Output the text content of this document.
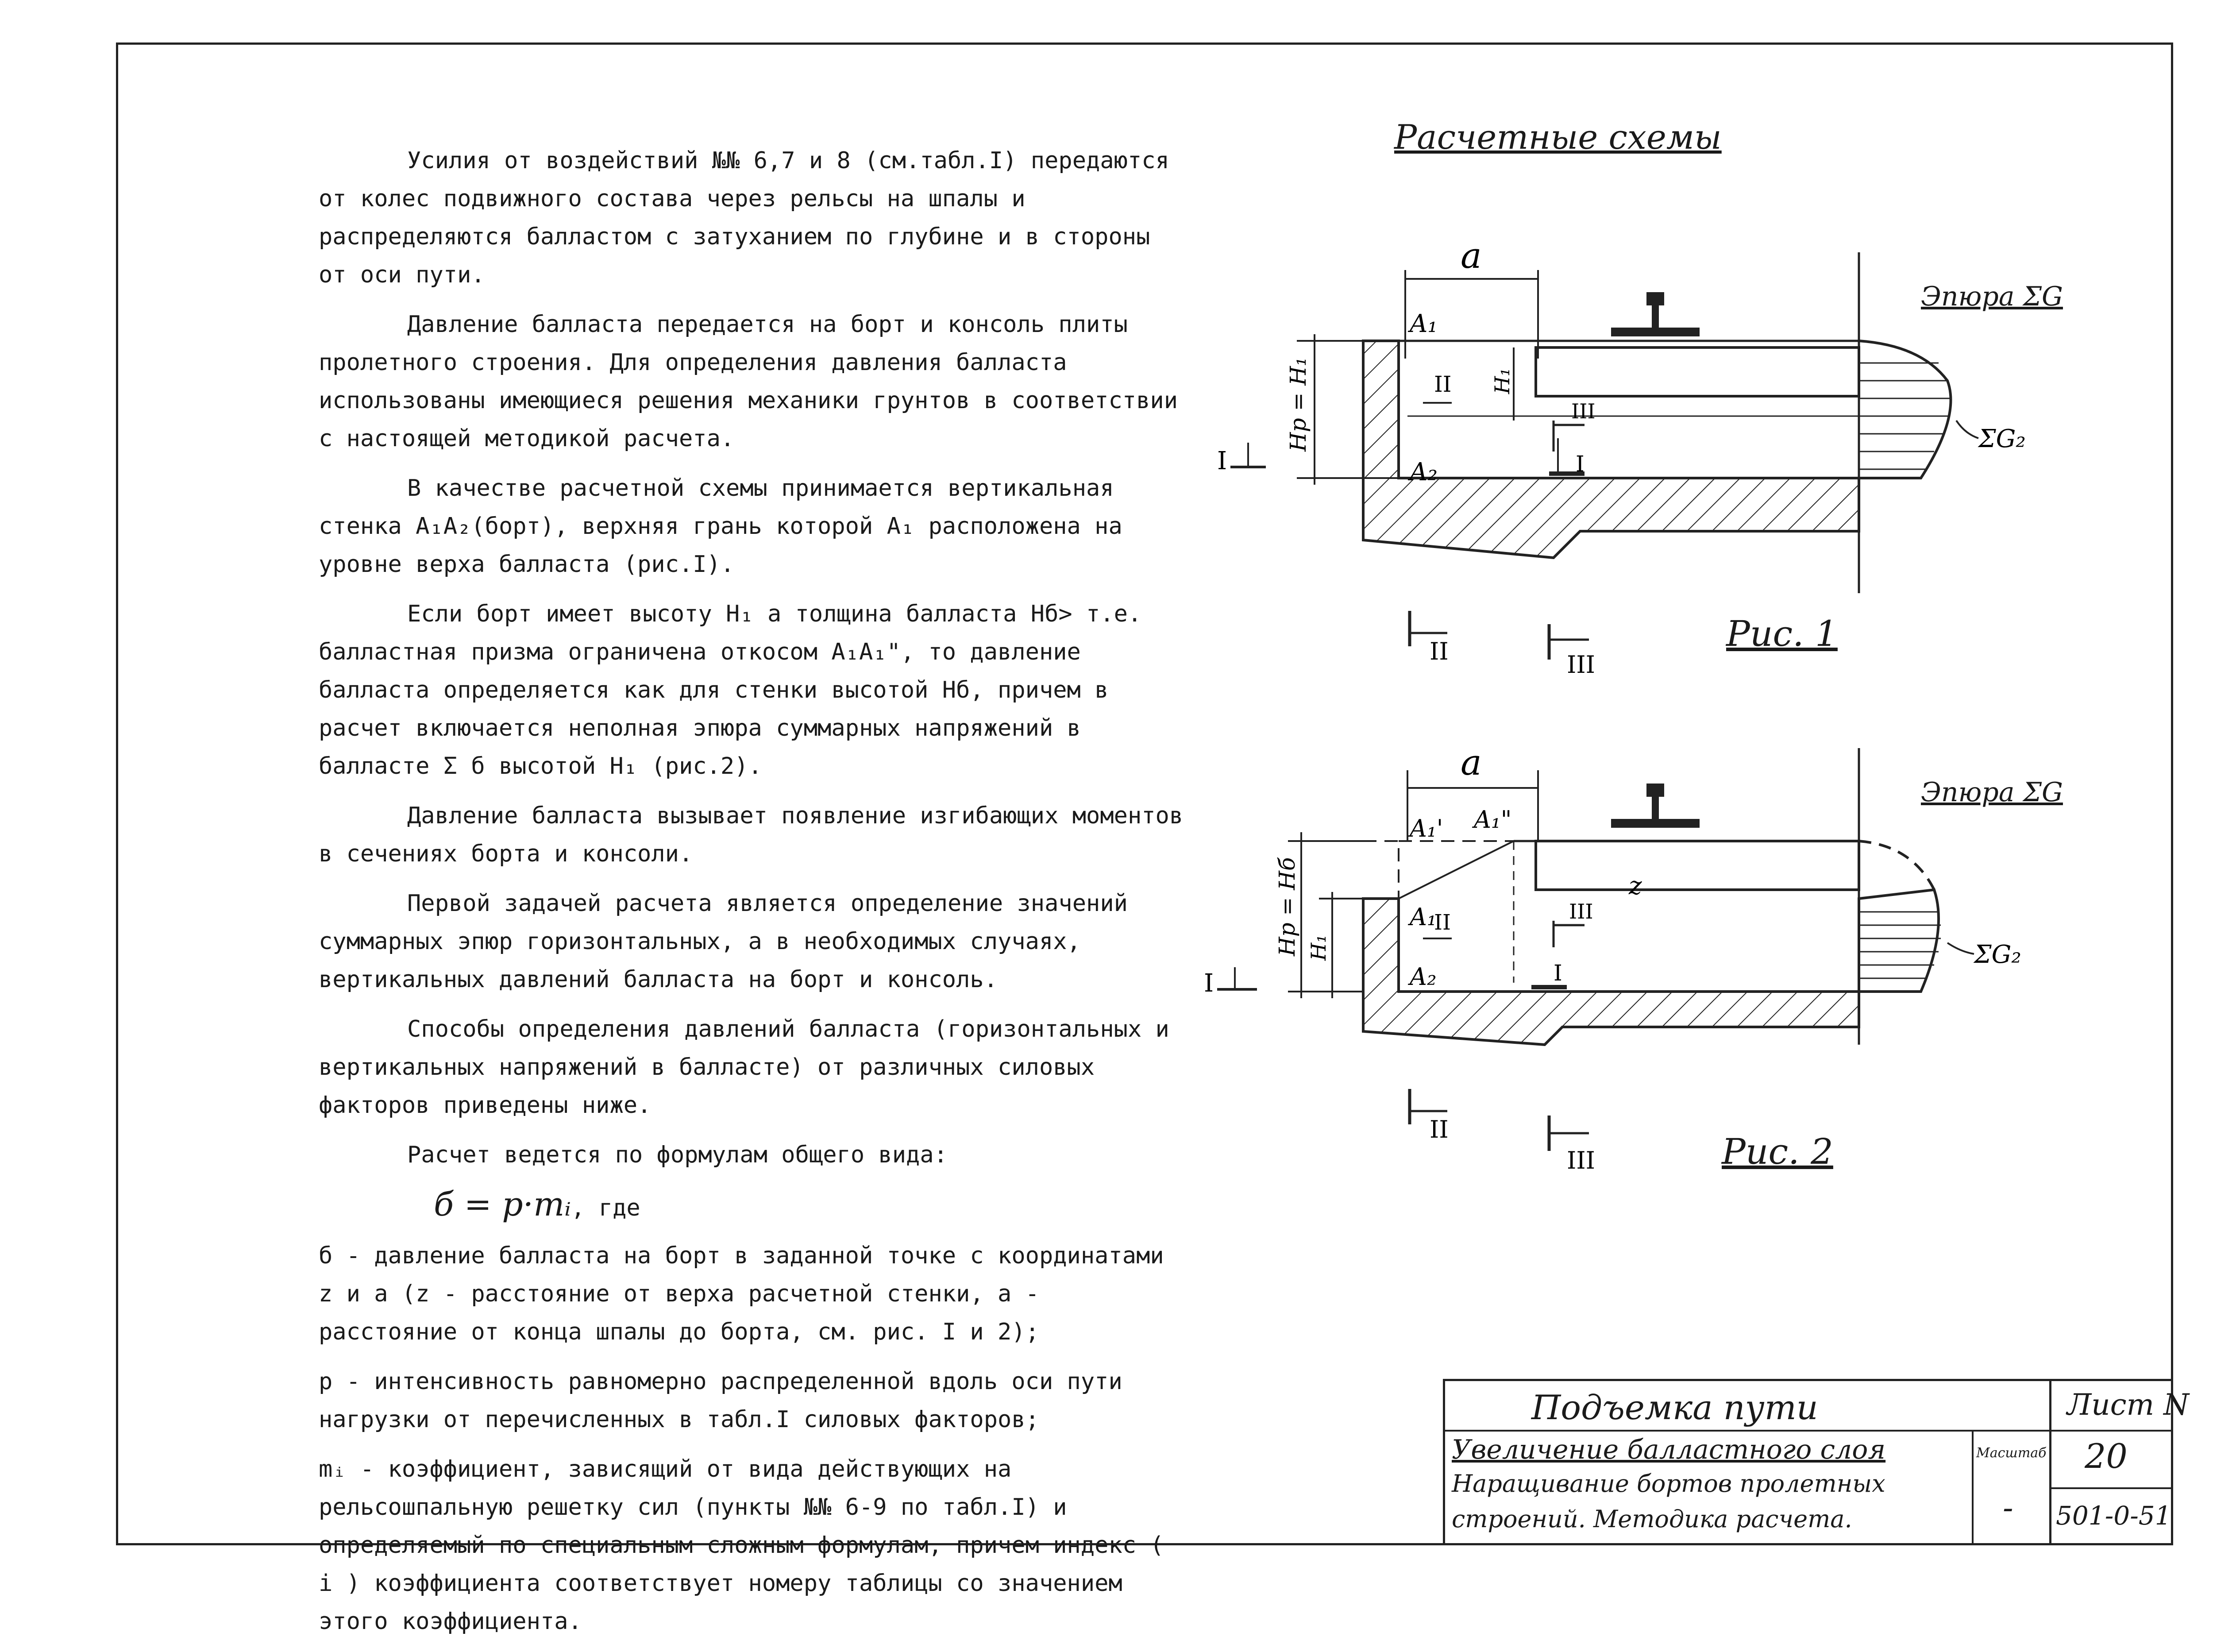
Усилия от воздействий №№ 6,7 и 8 (см.табл.I) передаются от колес подвижного состава через рельсы на шпалы и распределяются балластом с затуханием по глубине и в стороны от оси пути.

Давление балласта передается на борт и консоль плиты пролетного строения. Для определения давления балласта использованы имеющиеся решения механики грунтов в соответствии с настоящей методикой расчета.

В качестве расчетной схемы принимается вертикальная стенка A₁A₂(борт), верхняя грань которой A₁ расположена на уровне верха балласта (рис.I).

Если борт имеет высоту H₁ а толщина балласта Hб> т.е. балластная призма ограничена откосом A₁A₁", то давление балласта определяется как для стенки высотой Hб, причем в расчет включается неполная эпюра суммарных напряжений в балласте Σ б высотой H₁ (рис.2).

Давление балласта вызывает появление изгибающих моментов в сечениях борта и консоли.

Первой задачей расчета является определение значений суммарных эпюр горизонтальных, а в необходимых случаях, вертикальных давлений балласта на борт и консоль.

Способы определения давлений балласта (горизонтальных и вертикальных напряжений в балласте) от различных силовых факторов приведены ниже.

Расчет ведется по формулам общего вида:

б = p·mᵢ, где

б - давление балласта на борт в заданной точке с координатами z и a (z - расстояние от верха расчетной стенки, a - расстояние от конца шпалы до борта, см. рис. I и 2);

p - интенсивность равномерно распределенной вдоль оси пути нагрузки от перечисленных в табл.I силовых факторов;

mᵢ - коэффициент, зависящий от вида действующих на рельсошпальную решетку сил (пункты №№ 6-9 по табл.I) и определяемый по специальным сложным формулам, причем индекс ( i ) коэффициента соответствует номеру таблицы со значением этого коэффициента.

Расчетные схемы
a
Hp = H₁	H₁
A₁
A₂
II
III
I
I
II	III
ΣG₂
Эпюра ΣG
Рис. 1
a
A₁' A₁"
A₁
A₂
z
Hp = Hб H₁
II	III
I
I
II
III
ΣG₂
Эпюра ΣG
Рис. 2
Подъемка пути
Увеличение балластного слоя
Наращивание бортов пролетных
строений. Методика расчета.
Масштаб
-
Лист N
20
501-0-51
